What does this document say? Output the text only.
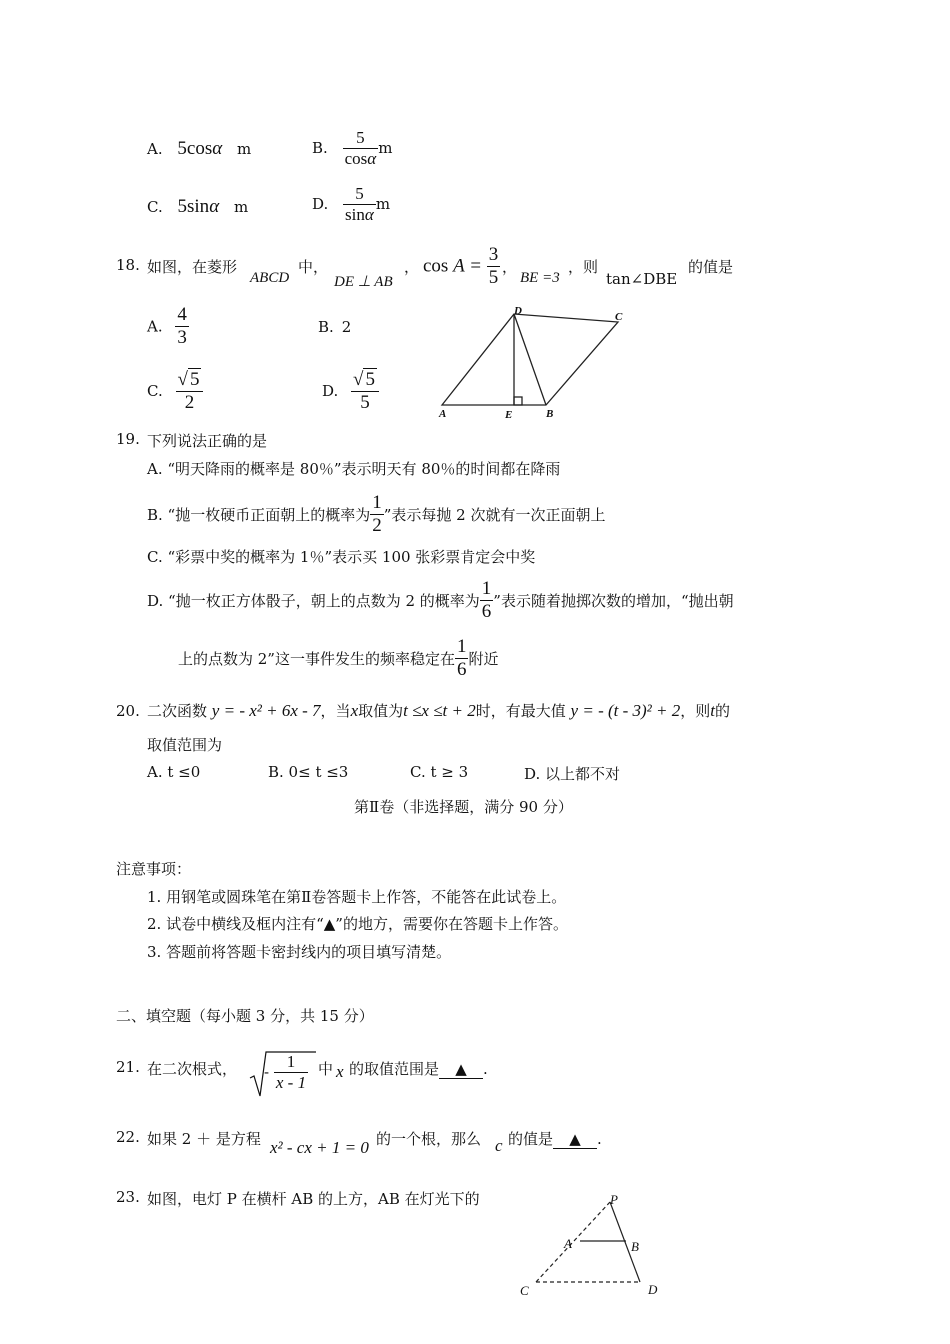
A. 5cosα m	B. $\frac{5}{\cos\alpha}$ m
C. 5sinα m	D. $\frac{5}{\sin\alpha}$ m
18. 如图，在菱形
ABCD
中，
DE ⊥ AB
， $\cos A = \frac{3}{5}$ ，
BE =3
，则
tan∠DBE
的值是
A. $\frac{4}{3}$	B. 2
C. $\frac{√ 5}{2}$	D. $\frac{√ 5}{5}$
D	C
A	E	B
19. 下列说法正确的是
A. “明天降雨的概率是 80％”表示明天有 80％的时间都在降雨
B. “抛一枚硬币正面朝上的概率为 $\frac{1}{2}$ ”表示每抛 2 次就有一次正面朝上
C. “彩票中奖的概率为 1％”表示买 100 张彩票肯定会中奖
D. “抛一枚正方体骰子，朝上的点数为 2 的概率为 $\frac{1}{6}$ ”表示随着抛掷次数的增加，“抛出朝
上的点数为 2”这一事件发生的频率稳定在 $\frac{1}{6}$ 附近
20. 二次函数 y = - x² + 6x - 7，当x取值为t ≤x ≤t + 2时，有最大值 y = - (t - 3)² + 2，则t的
取值范围为
A. t ≤0	B. 0≤ t ≤3	C. t ≥ 3	D. 以上都不对
第Ⅱ卷（非选择题，满分 90 分）
注意事项：
1. 用钢笔或圆珠笔在第Ⅱ卷答题卡上作答，不能答在此试卷上。
2. 试卷中横线及框内注有“▲”的地方，需要你在答题卡上作答。
3. 答题前将答题卡密封线内的项目填写清楚。
二、填空题（每小题 3 分，共 15 分）
21. 在二次根式， - $\frac{1}{x - 1}$ 中 x 的取值范围是 ▲ .
22. 如果 2 ＋ 是方程 x² - cx + 1 = 0 的一个根，那么 c 的值是 ▲ .
23. 如图，电灯 P 在横杆 AB 的上方，AB 在灯光下的	P
A	B
C	D
